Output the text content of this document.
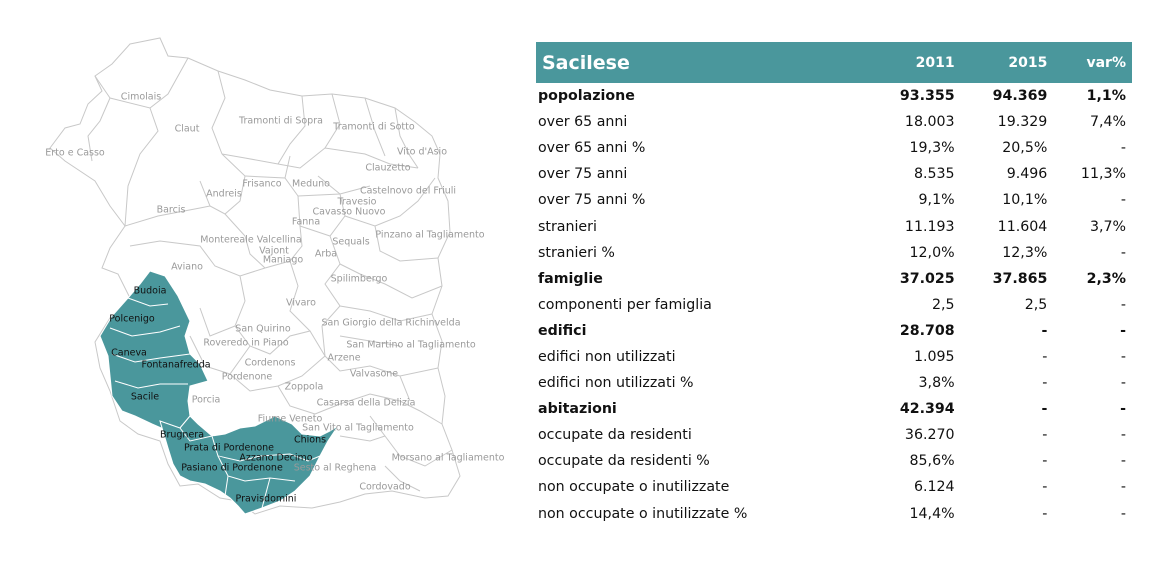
Cimolais
Claut
Tramonti di Sopra
Tramonti di Sotto
Erto e Casso	Vito d'Asio
Clauzetto
Frisanco Meduno
Andreis	Castelnovo del Friuli
Travesio
Barcis	Cavasso Nuovo
Fanna
Montereale Valcellina
Vajont
Pinzano al Tagliamento
Sequals
Maniago
Arba
Aviano
Spilimbergo
Vivaro
San Giorgio della Richinvelda
San Quirino
Roveredo in Piano	San Martino al Tagliamento
Cordenons	Arzene
Pordenone	Valvasone
Zoppola
Casarsa della Delizia
Fiume Veneto
San Vito al Tagliamento
Sesto al Reghena
Morsano al Tagliamento
Cordovado
Porcia
Budoia
Polcenigo
Caneva
Fontanafredda
Sacile
Brugnera
Prata di Pordenone
Chions
Azzano Decimo
Pasiano di Pordenone
Pravisdomini
Sacilese	2011	2015	var%
popolazione	93.355	94.369	1,1%
over 65 anni	18.003	19.329	7,4%
over 65 anni %	19,3%	20,5%	-
over 75 anni	8.535	9.496	11,3%
over 75 anni %	9,1%	10,1%	-
stranieri	11.193	11.604	3,7%
stranieri %	12,0%	12,3%	-
famiglie	37.025	37.865	2,3%
componenti per famiglia	2,5	2,5	-
edifici	28.708	-	-
edifici non utilizzati	1.095	-	-
edifici non utilizzati %	3,8%	-	-
abitazioni	42.394	-	-
occupate da residenti	36.270	-	-
occupate da residenti %	85,6%	-	-
non occupate o inutilizzate	6.124	-	-
non occupate o inutilizzate %	14,4%	-	-
